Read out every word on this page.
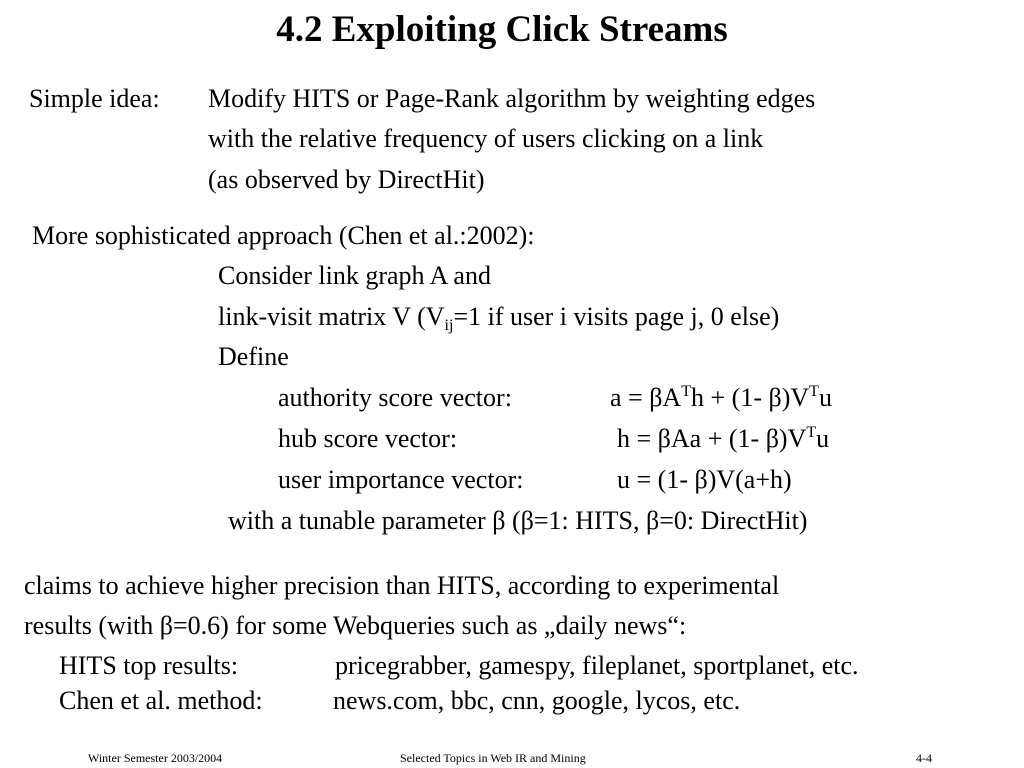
4.2 Exploiting Click Streams
Simple idea: Modify HITS or Page-Rank algorithm by weighting edges
with the relative frequency of users clicking on a link
(as observed by DirectHit)
More sophisticated approach (Chen et al.:2002):
Consider link graph A and
link-visit matrix V ($V_{ij}=1$ if user i visits page j, 0 else)
Define
authority score vector:	$a = \beta A^Th + (1-$ $\beta)V^Tu$
hub score vector:	h = βAa + (1- $\beta)V^Tu$
user importance vector:	u = (1- β)V(a+h)
with a tunable parameter β (β=1: HITS, β=0: DirectHit)
claims to achieve higher precision than HITS, according to experimental
results (with β=0.6) for some Webqueries such as „daily news“:
HITS top results:	pricegrabber, gamespy, fileplanet, sportplanet, etc.
Chen et al. method:	news.com, bbc, cnn, google, lycos, etc.
Winter Semester 2003/2004	Selected Topics in Web IR and Mining	4-4
